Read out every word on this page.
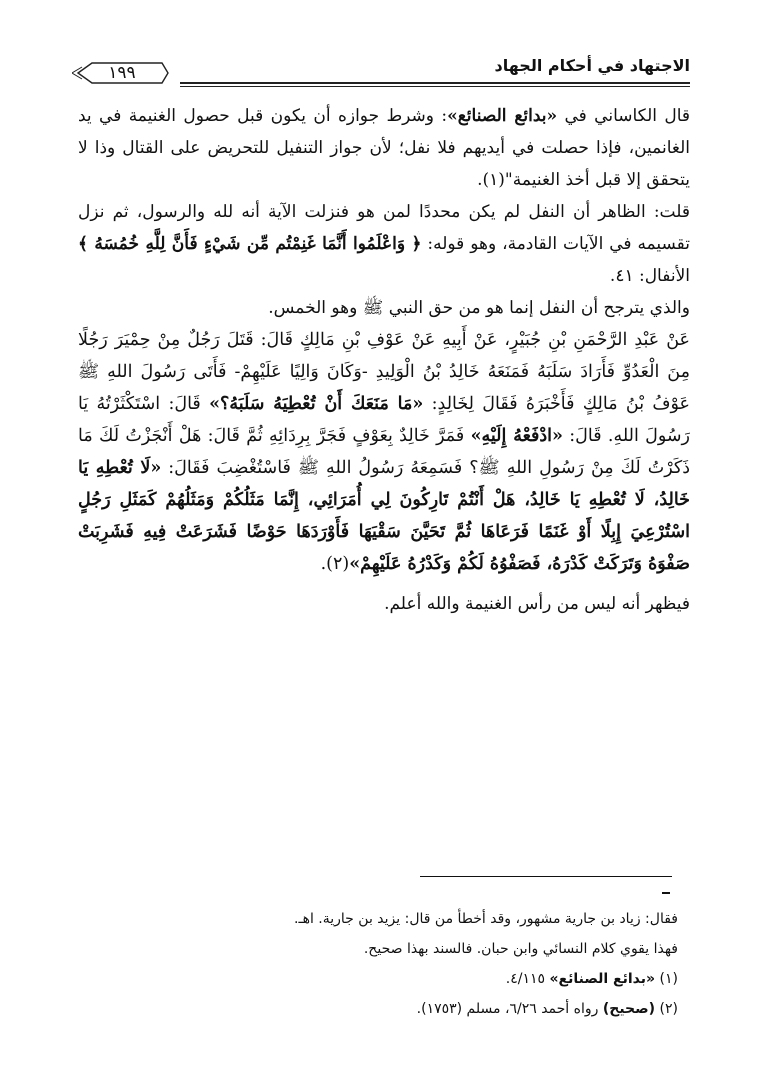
١٩٩	الاجتهاد في أحكام الجهاد

قال الكاساني في «بدائع الصنائع»: وشرط جوازه أن يكون قبل حصول الغنيمة في يد الغانمين، فإذا حصلت في أيديهم فلا نفل؛ لأن جواز التنفيل للتحريض على القتال وذا لا يتحقق إلا قبل أخذ الغنيمة"(١).

قلت: الظاهر أن النفل لم يكن محددًا لمن هو فنزلت الآية أنه لله والرسول، ثم نزل تقسيمه في الآيات القادمة، وهو قوله: ﴿ وَاعْلَمُوا أَنَّمَا غَنِمْتُم مِّن شَيْءٍ فَأَنَّ لِلَّهِ خُمُسَهُ ﴾ الأنفال: ٤١.

والذي يترجح أن النفل إنما هو من حق النبي ﷺ وهو الخمس.

عَنْ عَبْدِ الرَّحْمَنِ بْنِ جُبَيْرٍ، عَنْ أَبِيهِ عَنْ عَوْفِ بْنِ مَالِكٍ قَالَ: قَتَلَ رَجُلٌ مِنْ حِمْيَرَ رَجُلًا مِنَ الْعَدُوِّ فَأَرَادَ سَلَبَهُ فَمَنَعَهُ خَالِدُ بْنُ الْوَلِيدِ -وَكَانَ وَالِيًا عَلَيْهِمْ- فَأَتَى رَسُولَ اللهِ ﷺ عَوْفُ بْنُ مَالِكٍ فَأَخْبَرَهُ فَقَالَ لِخَالِدٍ: «مَا مَنَعَكَ أَنْ تُعْطِيَهُ سَلَبَهُ؟» قَالَ: اسْتَكْثَرْتُهُ يَا رَسُولَ اللهِ. قَالَ: «ادْفَعْهُ إِلَيْهِ» فَمَرَّ خَالِدٌ بِعَوْفٍ فَجَرَّ بِرِدَائِهِ ثُمَّ قَالَ: هَلْ أَنْجَزْتُ لَكَ مَا ذَكَرْتُ لَكَ مِنْ رَسُولِ اللهِ ﷺ؟ فَسَمِعَهُ رَسُولُ اللهِ ﷺ فَاسْتُغْضِبَ فَقَالَ: «لَا تُعْطِهِ يَا خَالِدُ، لَا تُعْطِهِ يَا خَالِدُ، هَلْ أَنْتُمْ تَارِكُونَ لِي أُمَرَائِي، إِنَّمَا مَثَلُكُمْ وَمَثَلُهُمْ كَمَثَلِ رَجُلٍ اسْتُرْعِيَ إِبِلًا أَوْ غَنَمًا فَرَعَاهَا ثُمَّ تَحَيَّنَ سَقْيَهَا فَأَوْرَدَهَا حَوْضًا فَشَرَعَتْ فِيهِ فَشَرِبَتْ صَفْوَهُ وَتَرَكَتْ كَدْرَهُ، فَصَفْوُهُ لَكُمْ وَكَدْرُهُ عَلَيْهِمْ»(٢).

فيظهر أنه ليس من رأس الغنيمة والله أعلم.

فقال: زياد بن جارية مشهور، وقد أخطأ من قال: يزيد بن جارية. اهـ.

فهذا يقوي كلام النسائي وابن حبان. فالسند بهذا صحيح.

(١) «بدائع الصنائع» ٤/١١٥.

(٢) (صحيح) رواه أحمد ٦/٢٦، مسلم (١٧٥٣).
